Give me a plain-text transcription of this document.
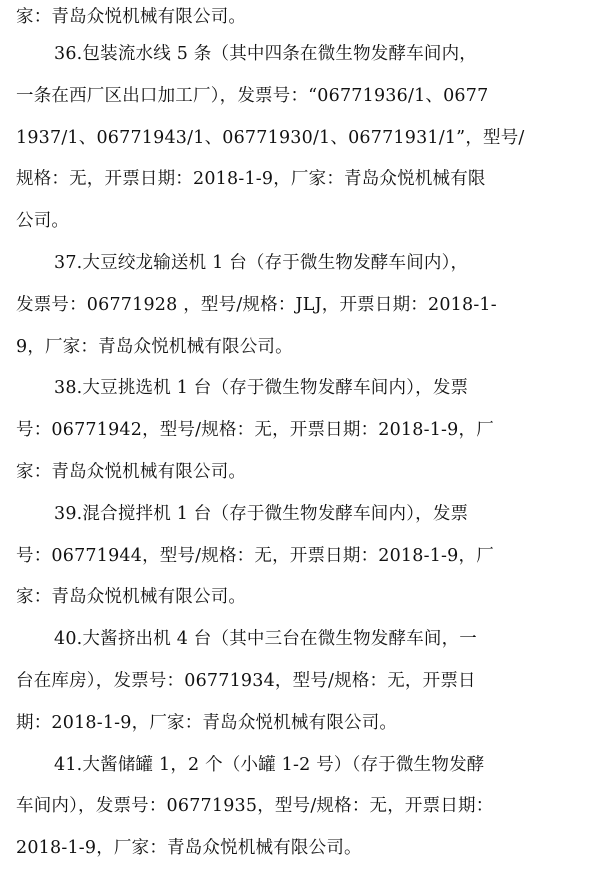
家：青岛众悦机械有限公司。
36.包装流水线 5 条（其中四条在微生物发酵车间内，
一条在西厂区出口加工厂），发票号：“06771936/1、0677
1937/1、06771943/1、06771930/1、06771931/1”，型号/
规格：无，开票日期：2018-1-9，厂家：青岛众悦机械有限
公司。
37.大豆绞龙输送机 1 台（存于微生物发酵车间内），
发票号：06771928 ，型号/规格：JLJ，开票日期：2018-1-
9，厂家：青岛众悦机械有限公司。
38.大豆挑选机 1 台（存于微生物发酵车间内），发票
号：06771942，型号/规格：无，开票日期：2018-1-9，厂
家：青岛众悦机械有限公司。
39.混合搅拌机 1 台（存于微生物发酵车间内），发票
号：06771944，型号/规格：无，开票日期：2018-1-9，厂
家：青岛众悦机械有限公司。
40.大酱挤出机 4 台（其中三台在微生物发酵车间，一
台在库房），发票号：06771934，型号/规格：无，开票日
期：2018-1-9，厂家：青岛众悦机械有限公司。
41.大酱储罐 1，2 个（小罐 1-2 号）（存于微生物发酵
车间内），发票号：06771935，型号/规格：无，开票日期：
2018-1-9，厂家：青岛众悦机械有限公司。
